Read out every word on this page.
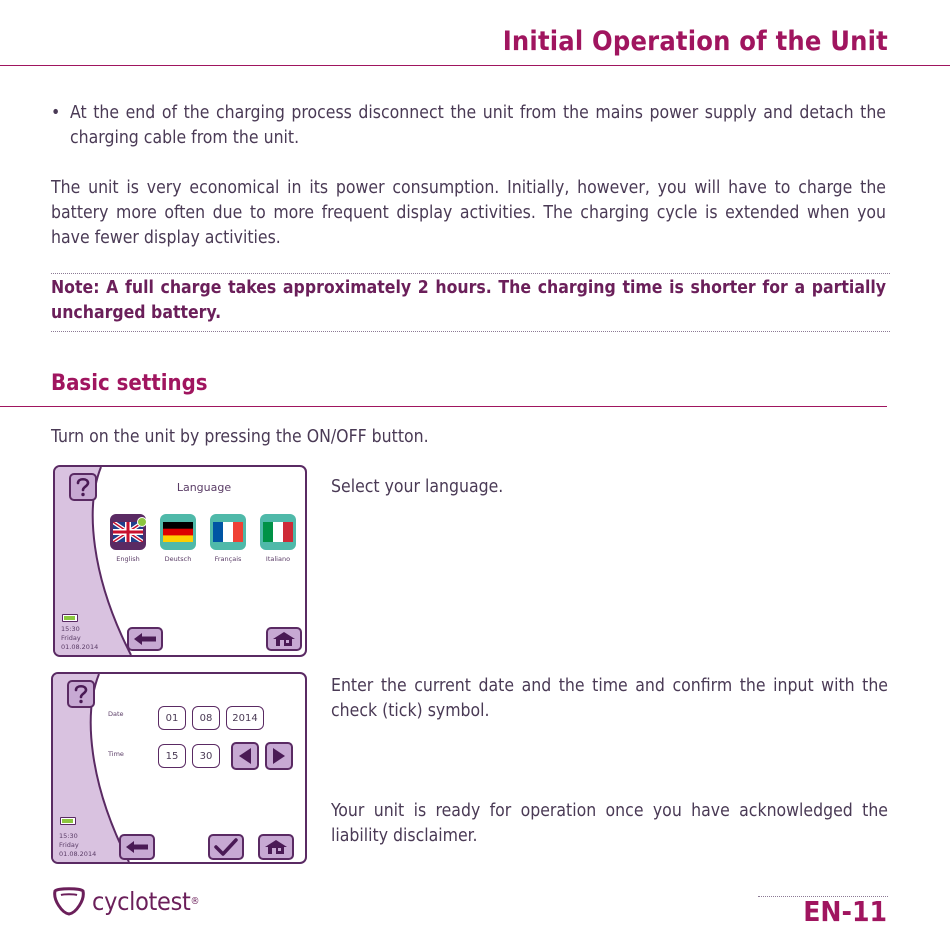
Initial Operation of the Unit
• At the end of the charging process disconnect the unit from the mains power supply and detach the charging cable from the unit.

The unit is very economical in its power consumption. Initially, however, you will have to charge the battery more often due to more frequent display activities. The charging cycle is extended when you have fewer display activities.

Note: A full charge takes approximately 2 hours. The charging time is shorter for a partially uncharged battery.

Basic settings

Turn on the unit by pressing the ON/OFF button.

Language
English	Deutsch	Français	Italiano
15:30
Friday
01.08.2014

Select your language.

Date
Time
01	08	2014
15	30
15:30
Friday
01.08.2014

Enter the current date and the time and confirm the input with the check (tick) symbol.

Your unit is ready for operation once you have acknowledged the liability disclaimer.

cyclotest ®	EN-11
